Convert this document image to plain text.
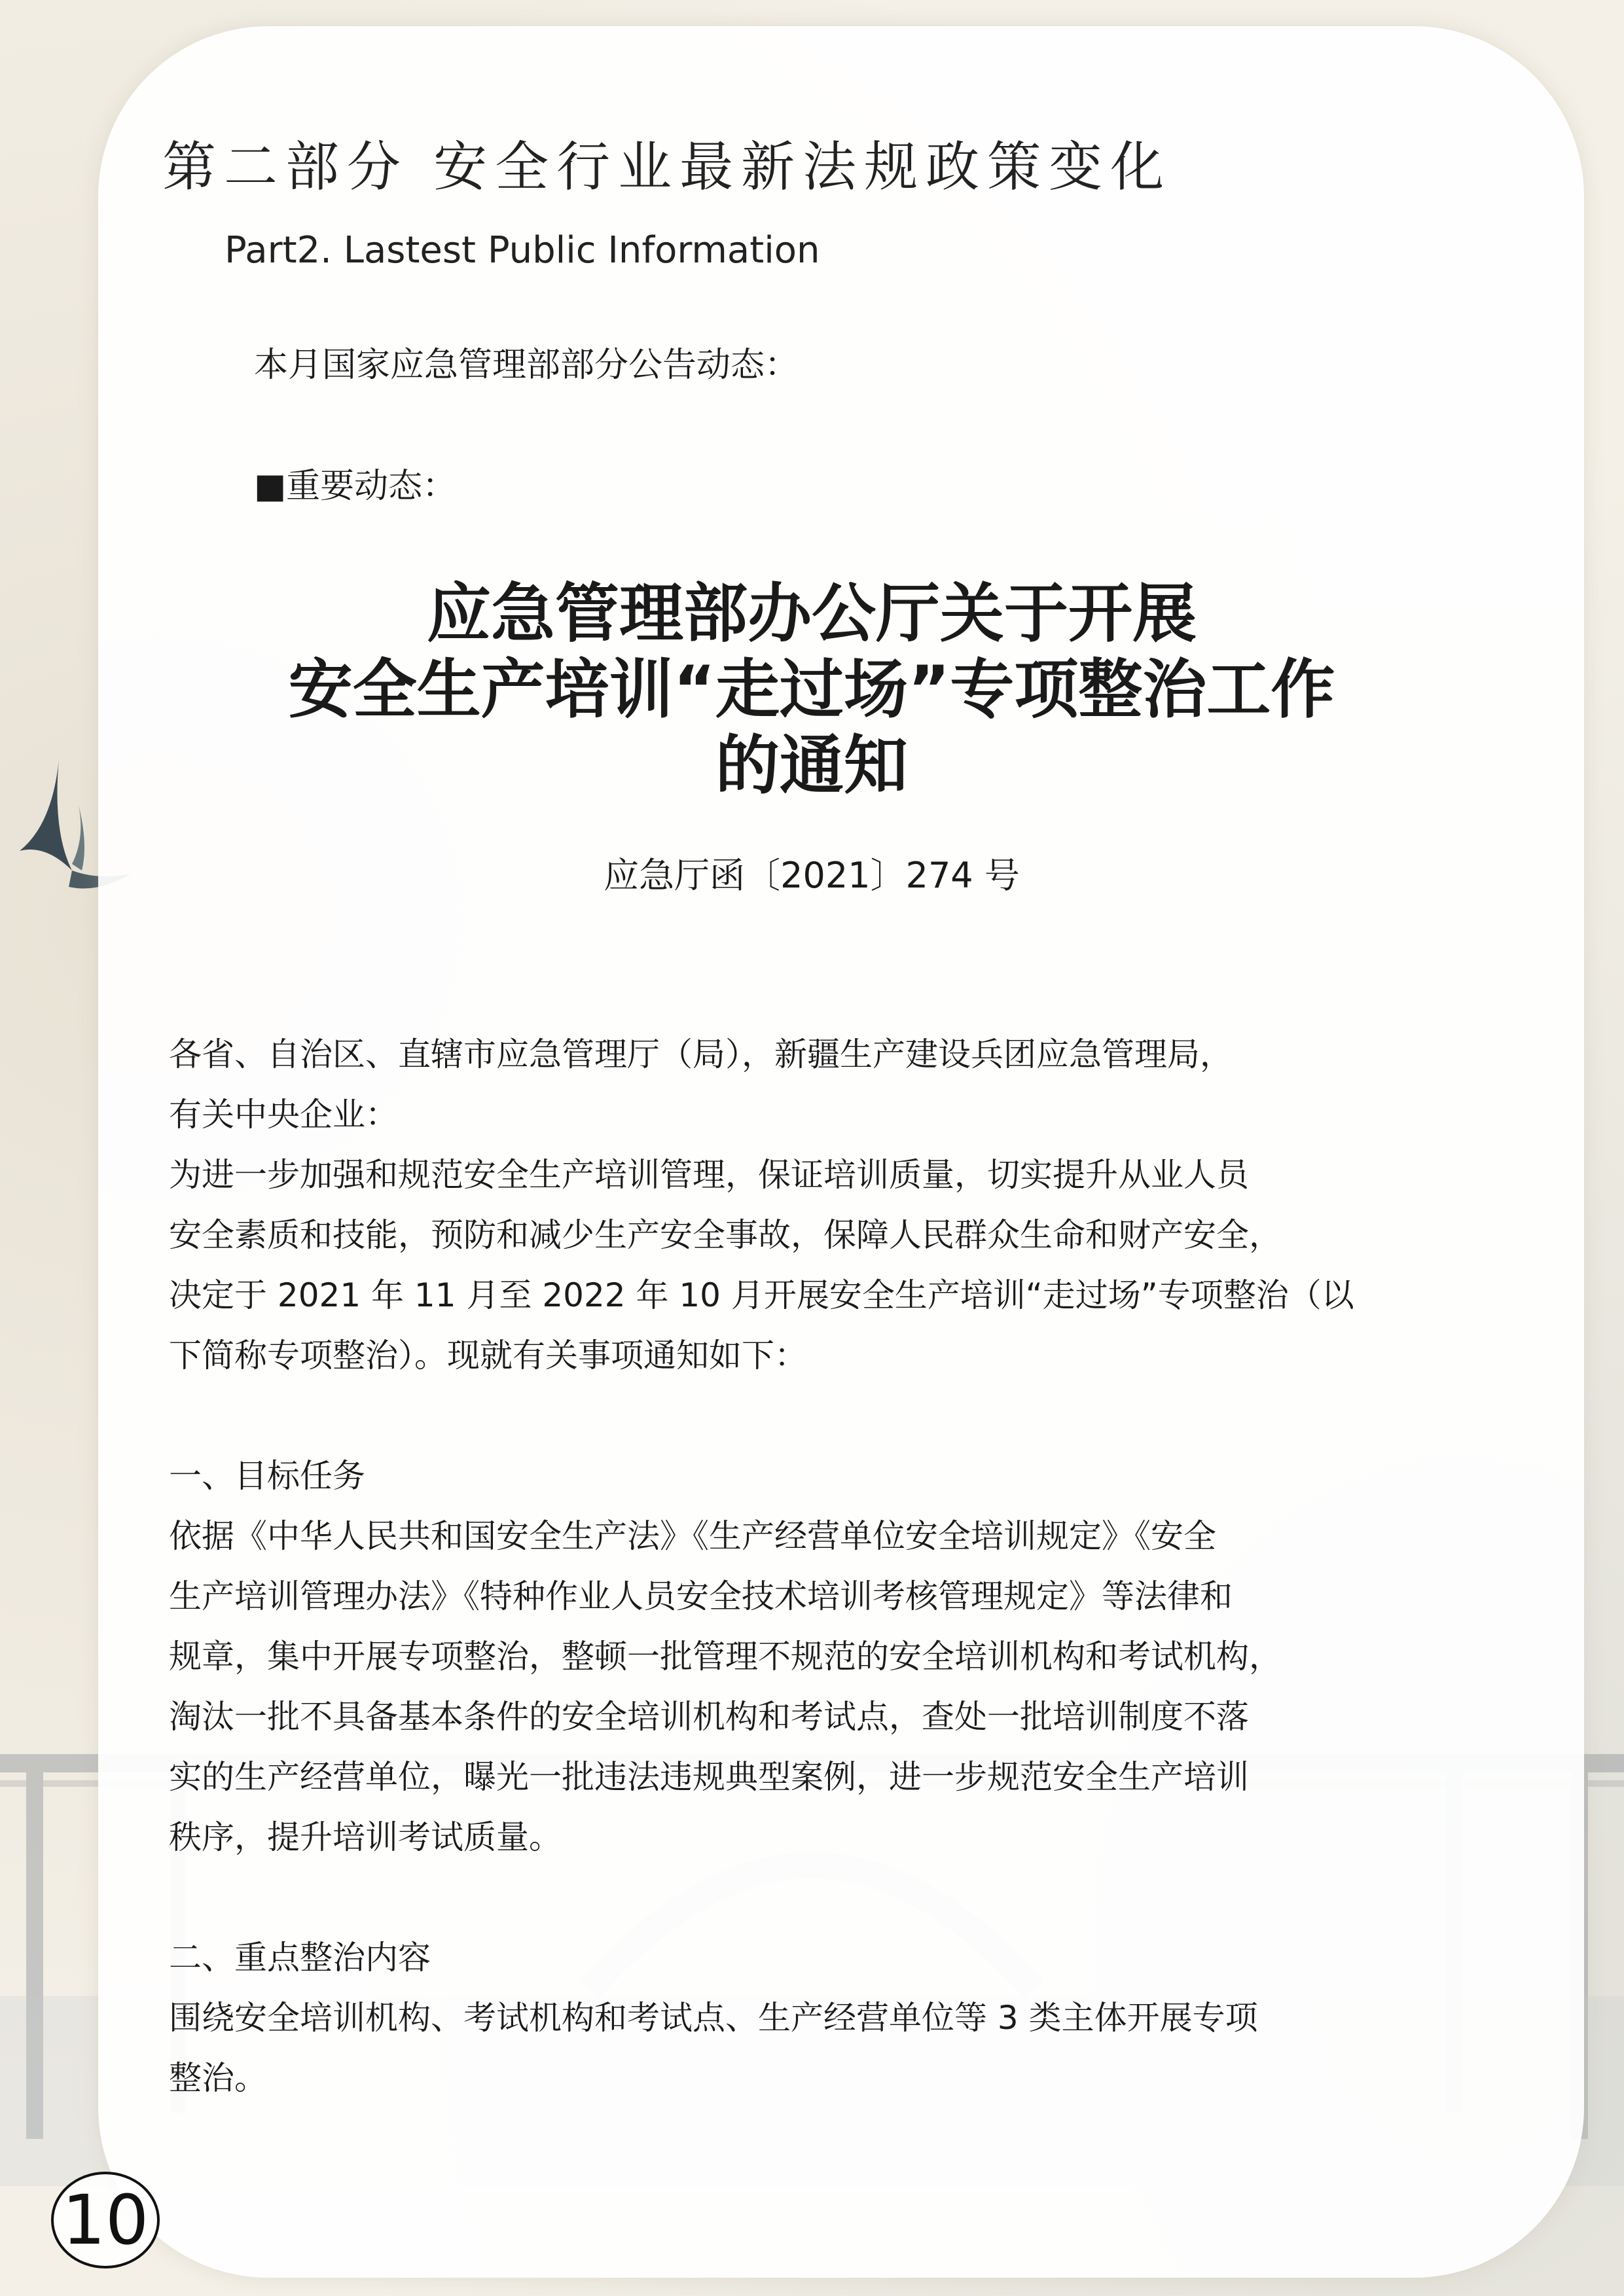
第二部分 安全行业最新法规政策变化
Part2. Lastest Public Information
本月国家应急管理部部分公告动态：
■重要动态：
应急管理部办公厅关于开展
安全生产培训“走过场”专项整治工作
的通知
应急厅函〔2021〕274 号

各省、自治区、直辖市应急管理厅（局），新疆生产建设兵团应急管理局，

有关中央企业：

为进一步加强和规范安全生产培训管理，保证培训质量，切实提升从业人员

安全素质和技能，预防和减少生产安全事故，保障人民群众生命和财产安全，

决定于 2021 年 11 月至 2022 年 10 月开展安全生产培训“走过场”专项整治（以

下简称专项整治）。现就有关事项通知如下：

一、目标任务

依据《中华人民共和国安全生产法》《生产经营单位安全培训规定》《安全

生产培训管理办法》《特种作业人员安全技术培训考核管理规定》等法律和

规章，集中开展专项整治，整顿一批管理不规范的安全培训机构和考试机构，

淘汰一批不具备基本条件的安全培训机构和考试点，查处一批培训制度不落

实的生产经营单位，曝光一批违法违规典型案例，进一步规范安全生产培训

秩序，提升培训考试质量。

二、重点整治内容

围绕安全培训机构、考试机构和考试点、生产经营单位等 3 类主体开展专项

整治。

10
